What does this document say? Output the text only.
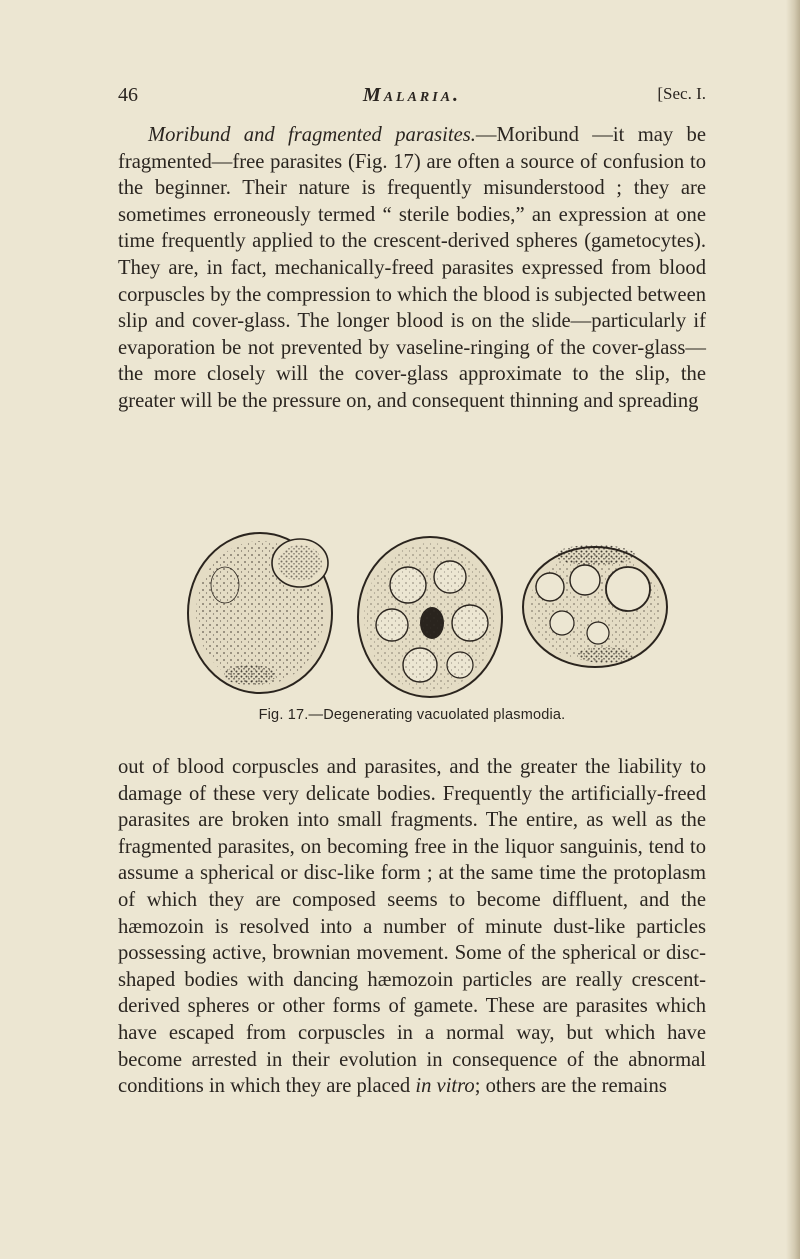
46	Malaria.	[Sec. I.

Moribund and fragmented parasites.—Moribund —it may be fragmented—free parasites (Fig. 17) are often a source of confusion to the beginner. Their nature is frequently misunderstood ; they are sometimes erroneously termed “ sterile bodies,” an expression at one time frequently applied to the crescent-derived spheres (gametocytes). They are, in fact, mechanically-freed parasites expressed from blood corpuscles by the compression to which the blood is subjected between slip and cover-glass. The longer blood is on the slide—particularly if evaporation be not prevented by vaseline-ringing of the cover-glass—the more closely will the cover-glass approximate to the slip, the greater will be the pressure on, and consequent thinning and spreading

Fig. 17.—Degenerating vacuolated plasmodia.

out of blood corpuscles and parasites, and the greater the liability to damage of these very delicate bodies. Frequently the artificially-freed parasites are broken into small fragments. The entire, as well as the fragmented parasites, on becoming free in the liquor sanguinis, tend to assume a spherical or disc-like form ; at the same time the protoplasm of which they are composed seems to become diffluent, and the hæmozoin is resolved into a number of minute dust-like particles possessing active, brownian movement. Some of the spherical or disc-shaped bodies with dancing hæmozoin particles are really crescent-derived spheres or other forms of gamete. These are parasites which have escaped from corpuscles in a normal way, but which have become arrested in their evolution in consequence of the abnormal conditions in which they are placed in vitro; others are the remains
